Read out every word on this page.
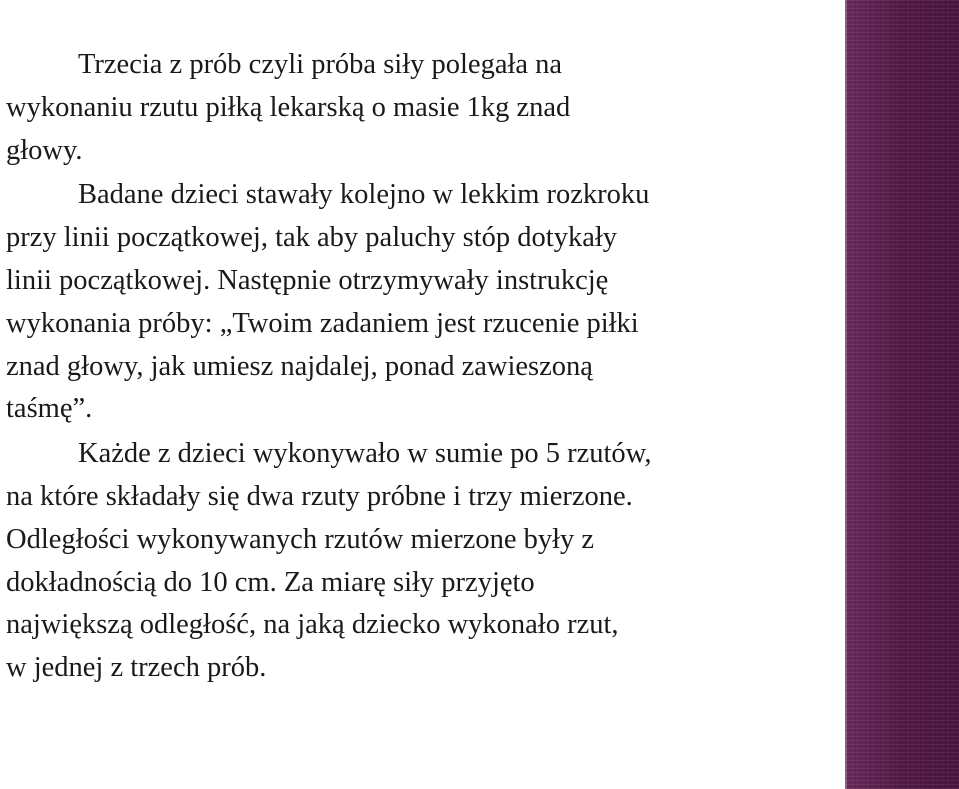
Trzecia z prób czyli próba siły polegała na
wykonaniu rzutu piłką lekarską o masie 1kg znad
głowy.

Badane dzieci stawały kolejno w lekkim rozkroku
przy linii początkowej, tak aby paluchy stóp dotykały
linii początkowej. Następnie otrzymywały instrukcję
wykonania próby: „Twoim zadaniem jest rzucenie piłki
znad głowy, jak umiesz najdalej, ponad zawieszoną
taśmę”.

Każde z dzieci wykonywało w sumie po 5 rzutów,
na które składały się dwa rzuty próbne i trzy mierzone.
Odległości wykonywanych rzutów mierzone były z
dokładnością do 10 cm. Za miarę siły przyjęto
największą odległość, na jaką dziecko wykonało rzut,
w jednej z trzech prób.
